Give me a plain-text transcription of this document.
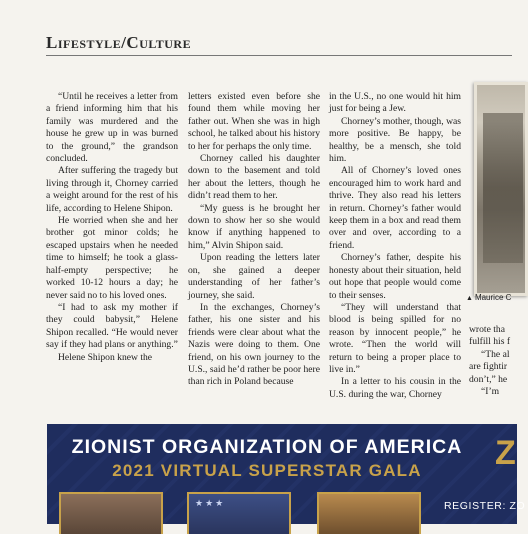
Lifestyle/Culture

“Until he receives a letter from a friend informing him that his family was murdered and the house he grew up in was burned to the ground,” the grandson concluded.

After suffering the tragedy but living through it, Chorney carried a weight around for the rest of his life, according to Helene Shipon.

He worried when she and her brother got minor colds; he escaped upstairs when he needed time to himself; he took a glass-half-empty perspective; he worked 10-12 hours a day; he never said no to his loved ones.

“I had to ask my mother if they could babysit,” Helene Shipon recalled. “He would never say if they had plans or anything.”

Helene Shipon knew the

letters existed even before she found them while moving her father out. When she was in high school, he talked about his history to her for perhaps the only time.

Chorney called his daughter down to the basement and told her about the letters, though he didn’t read them to her.

“My guess is he brought her down to show her so she would know if anything happened to him,” Alvin Shipon said.

Upon reading the letters later on, she gained a deeper understanding of her father’s journey, she said.

In the exchanges, Chorney’s father, his one sister and his friends were clear about what the Nazis were doing to them. One friend, on his own journey to the U.S., said he’d rather be poor here than rich in Poland because

in the U.S., no one would hit him just for being a Jew.

Chorney’s mother, though, was more positive. Be happy, be healthy, be a mensch, she told him.

All of Chorney’s loved ones encouraged him to work hard and thrive. They also read his letters in return. Chorney’s father would keep them in a box and read them over and over, according to a friend.

Chorney’s father, despite his honesty about their situation, held out hope that people would come to their senses.

“They will understand that blood is being spilled for no reason by innocent people,” he wrote. “Then the world will return to being a proper place to live in.”

In a letter to his cousin in the U.S. during the war, Chorney

▲ Maurice C

wrote tha

fulfill his f

“The al

are fightir

don’t,” he

“I’m

ZIONIST ORGANIZATION OF AMERICA
2021 VIRTUAL SUPERSTAR GALA	Z
★★★	REGISTER: ZO
